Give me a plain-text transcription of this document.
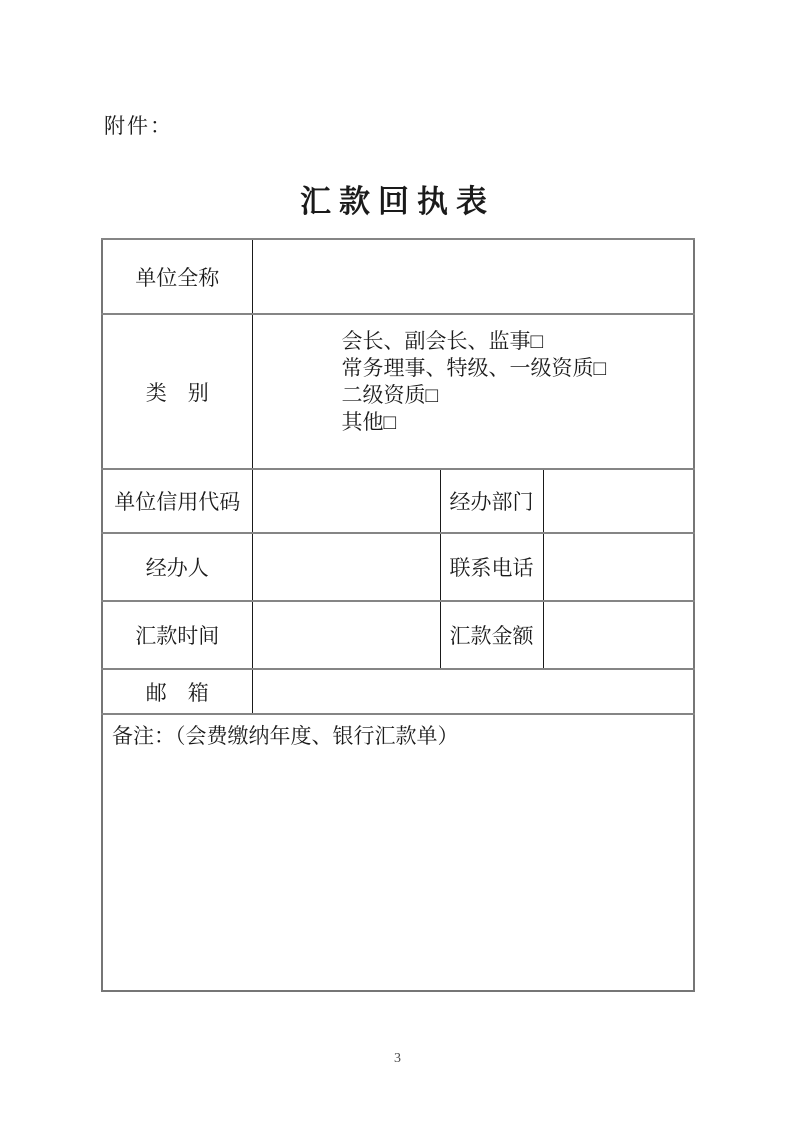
附件：
汇款回执表
单位全称			
类　别	
会长、副会长、监事□
常务理事、特级、一级资质□
二级资质□
其他□

单位信用代码		经办部门	
经办人		联系电话	
汇款时间		汇款金额	
邮　箱			
备注：（会费缴纳年度、银行汇款单）			
3
